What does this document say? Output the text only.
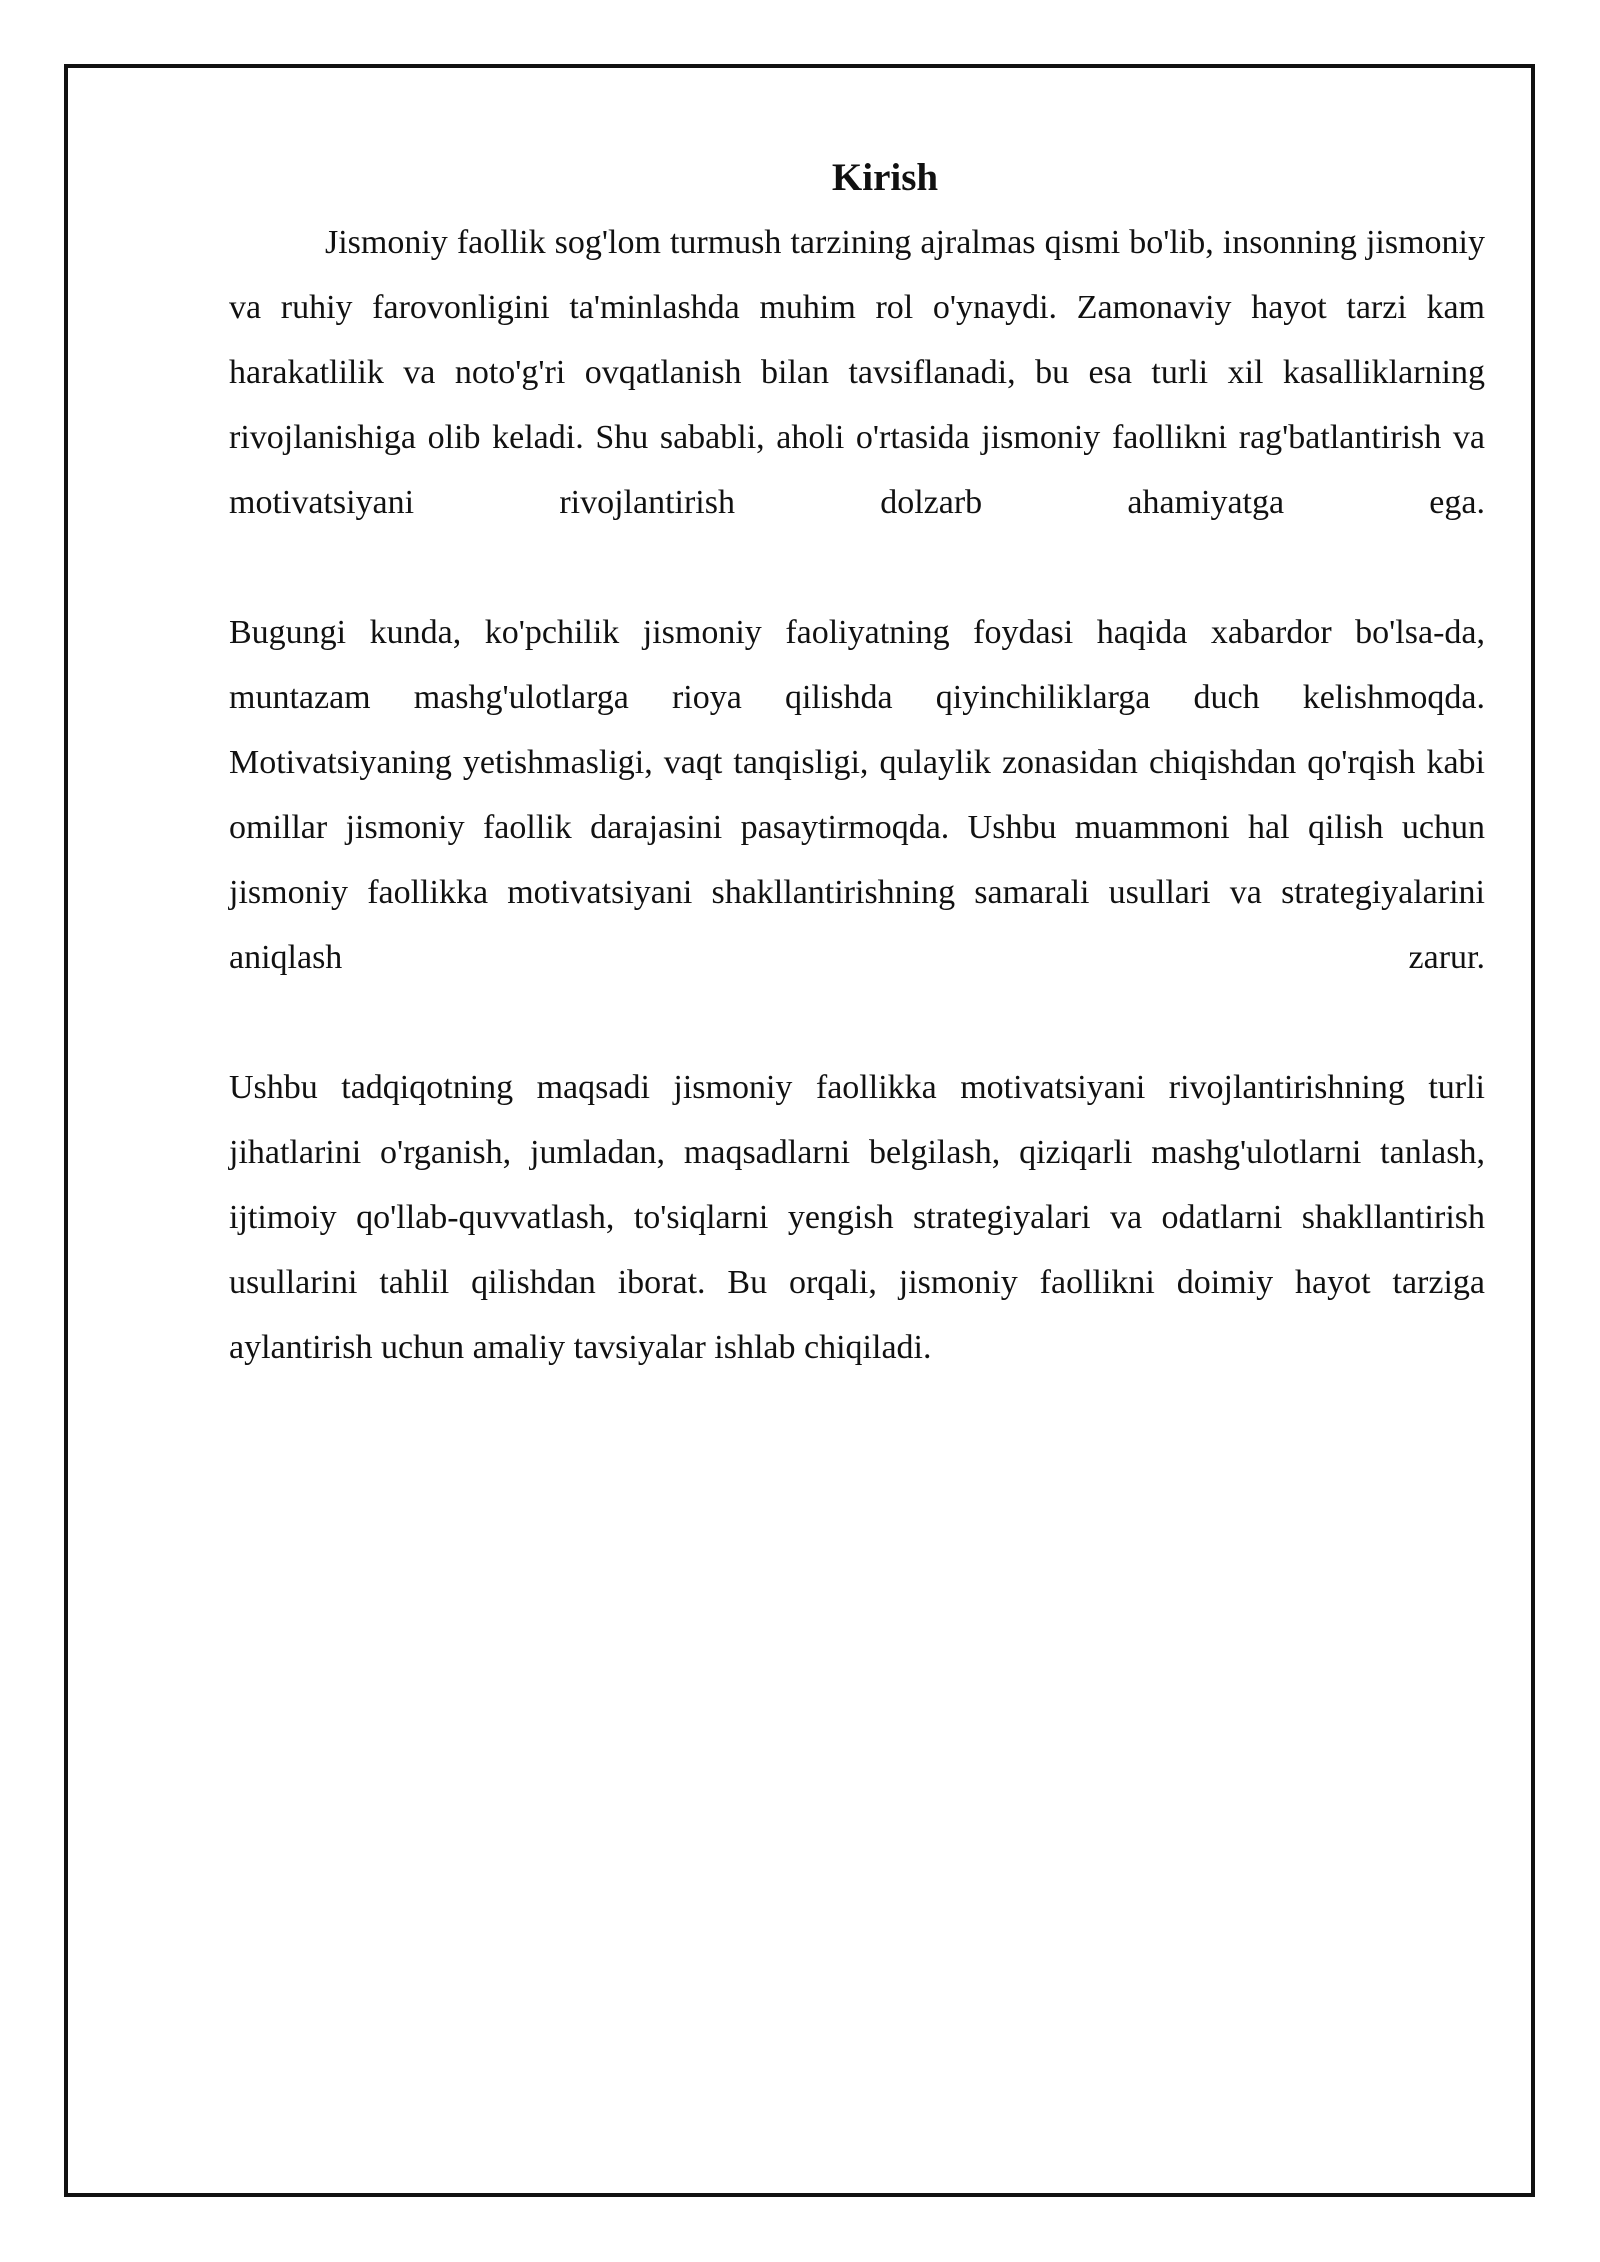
Kirish

Jismoniy faollik sog'lom turmush tarzining ajralmas qismi bo'lib, insonning jismoniy va ruhiy farovonligini ta'minlashda muhim rol o'ynaydi. Zamonaviy hayot tarzi kam harakatlilik va noto'g'ri ovqatlanish bilan tavsiflanadi, bu esa turli xil kasalliklarning rivojlanishiga olib keladi. Shu sababli, aholi o'rtasida jismoniy faollikni rag'batlantirish va motivatsiyani rivojlantirish dolzarb ahamiyatga ega.

Bugungi kunda, ko'pchilik jismoniy faoliyatning foydasi haqida xabardor bo'lsa-da, muntazam mashg'ulotlarga rioya qilishda qiyinchiliklarga duch kelishmoqda. Motivatsiyaning yetishmasligi, vaqt tanqisligi, qulaylik zonasidan chiqishdan qo'rqish kabi omillar jismoniy faollik darajasini pasaytirmoqda. Ushbu muammoni hal qilish uchun jismoniy faollikka motivatsiyani shakllantirishning samarali usullari va strategiyalarini aniqlash zarur.

Ushbu tadqiqotning maqsadi jismoniy faollikka motivatsiyani rivojlantirishning turli jihatlarini o'rganish, jumladan, maqsadlarni belgilash, qiziqarli mashg'ulotlarni tanlash, ijtimoiy qo'llab-quvvatlash, to'siqlarni yengish strategiyalari va odatlarni shakllantirish usullarini tahlil qilishdan iborat. Bu orqali, jismoniy faollikni doimiy hayot tarziga aylantirish uchun amaliy tavsiyalar ishlab chiqiladi.
